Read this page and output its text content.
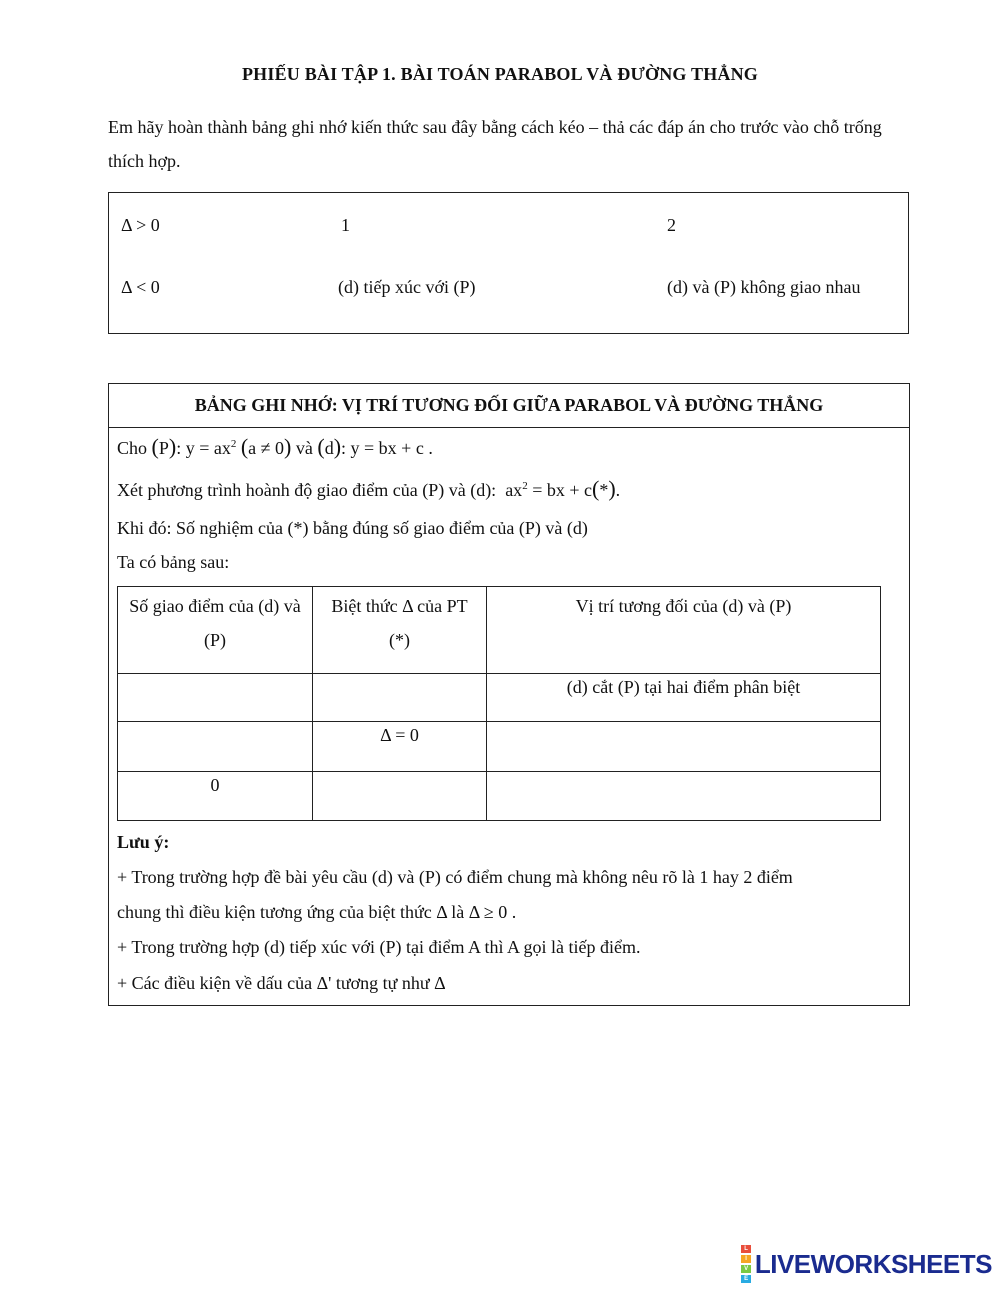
PHIẾU BÀI TẬP 1. BÀI TOÁN PARABOL VÀ ĐƯỜNG THẲNG
Em hãy hoàn thành bảng ghi nhớ kiến thức sau đây bằng cách kéo – thả các đáp án cho trước vào chỗ trống thích hợp.
Δ > 0	1	2
Δ < 0	(d) tiếp xúc với (P)	(d) và (P) không giao nhau
BẢNG GHI NHỚ: VỊ TRÍ TƯƠNG ĐỐI GIỮA PARABOL VÀ ĐƯỜNG THẲNG
Cho (P): $y = ax^2$ (a ≠ 0) và (d): y = bx + c .
Xét phương trình hoành độ giao điểm của (P) và (d): $ax^2$ = bx + c(*).
Khi đó: Số nghiệm của (*) bằng đúng số giao điểm của (P) và (d)
Ta có bảng sau:
Số giao điểm của (d) và (P)	Biệt thức Δ của PT (*)	Vị trí tương đối của (d) và (P)
		(d) cắt (P) tại hai điểm phân biệt
	Δ = 0	
0		
Lưu ý:
+ Trong trường hợp đề bài yêu cầu (d) và (P) có điểm chung mà không nêu rõ là 1 hay 2 điểm
chung thì điều kiện tương ứng của biệt thức Δ là Δ ≥ 0 .
+ Trong trường hợp (d) tiếp xúc với (P) tại điểm A thì A gọi là tiếp điểm.
+ Các điều kiện về dấu của Δ' tương tự như Δ
L
I
V
E
LIVEWORKSHEETS
